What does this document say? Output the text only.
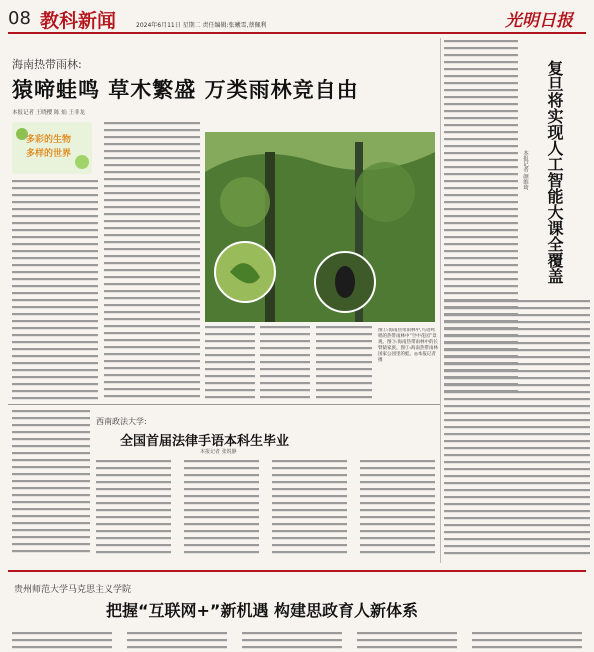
08 教科新闻	2024年6月11日 星期二 责任编辑:张曦雪,蔡佩利	光明日报
海南热带雨林:
猿啼蛙鸣 草木繁盛 万类雨林竞自由
本报记者 王晓樱 陈 灿 王非龙
多彩的生物
多样的世界
图①:海南热带雨林中,鸟语鸣唱的热带雨林中“空中花园”景观。图③:海南热带雨林中的长臂猿家族。图③:海南热带雨林国家公园里的蛙。◎本报记者 摄
复旦将实现人工智能大课全覆盖
本报记者 颜维琦
西南政法大学:
全国首届法律手语本科生毕业
本报记者 张锐静
贵州师范大学马克思主义学院
把握“互联网+”新机遇 构建思政育人新体系
